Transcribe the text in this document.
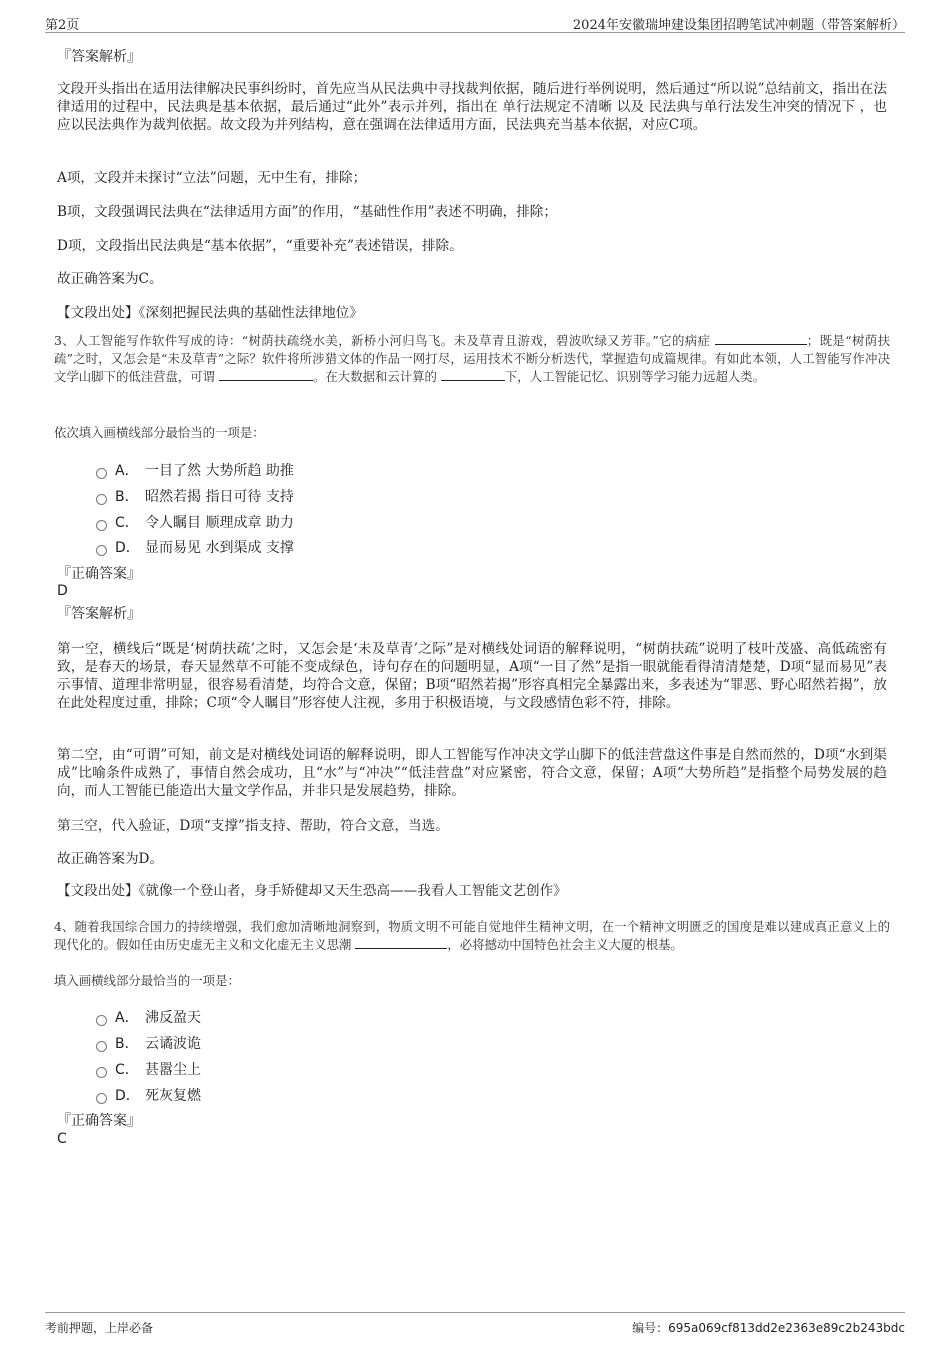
第2页	2024年安徽瑞坤建设集团招聘笔试冲刺题（带答案解析）
『答案解析』
文段开头指出在适用法律解决民事纠纷时，首先应当从民法典中寻找裁判依据，随后进行举例说明，然后通过“所以说”总结前文，指出在法律适用的过程中，民法典是基本依据，最后通过“此外”表示并列，指出在 单行法规定不清晰 以及 民法典与单行法发生冲突的情况下 ，也应以民法典作为裁判依据。故文段为并列结构，意在强调在法律适用方面，民法典充当基本依据，对应C项。
A项，文段并未探讨“立法”问题，无中生有，排除；
B项，文段强调民法典在“法律适用方面”的作用，“基础性作用”表述不明确，排除；
D项，文段指出民法典是“基本依据”，“重要补充”表述错误，排除。
故正确答案为C。
【文段出处】《深刻把握民法典的基础性法律地位》
3、人工智能写作软件写成的诗：“树荫扶疏绕水美，新桥小河归鸟飞。未及草青且游戏，碧波吹绿又芳菲。”它的病症	；既是“树荫扶疏”之时，又怎会是“未及草青”之际？软件将所涉猎文体的作品一网打尽，运用技术不断分析迭代，掌握造句成篇规律。有如此本领，人工智能写作冲决文学山脚下的低洼营盘，可谓	。在大数据和云计算的	下，人工智能记忆、识别等学习能力远超人类。
依次填入画横线部分最恰当的一项是：
A． 一目了然 大势所趋 助推
B． 昭然若揭 指日可待 支持
C． 令人瞩目 顺理成章 助力
D． 显而易见 水到渠成 支撑
『正确答案』
D
『答案解析』
第一空，横线后“既是‘树荫扶疏’之时，又怎会是‘未及草青’之际”是对横线处词语的解释说明，“树荫扶疏”说明了枝叶茂盛、高低疏密有致，是春天的场景，春天显然草不可能不变成绿色，诗句存在的问题明显，A项“一目了然”是指一眼就能看得清清楚楚，D项“显而易见”表示事情、道理非常明显，很容易看清楚，均符合文意，保留；B项“昭然若揭”形容真相完全暴露出来，多表述为“罪恶、野心昭然若揭”，放在此处程度过重，排除；C项“令人瞩目”形容使人注视，多用于积极语境，与文段感情色彩不符，排除。
第二空，由“可谓”可知，前文是对横线处词语的解释说明，即人工智能写作冲决文学山脚下的低洼营盘这件事是自然而然的，D项“水到渠成”比喻条件成熟了，事情自然会成功，且“水”与“冲决”“低洼营盘”对应紧密，符合文意，保留；A项“大势所趋”是指整个局势发展的趋向，而人工智能已能造出大量文学作品，并非只是发展趋势，排除。
第三空，代入验证，D项“支撑”指支持、帮助，符合文意，当选。
故正确答案为D。
【文段出处】《就像一个登山者，身手矫健却又天生恐高——我看人工智能文艺创作》
4、随着我国综合国力的持续增强，我们愈加清晰地洞察到，物质文明不可能自觉地伴生精神文明，在一个精神文明匮乏的国度是难以建成真正意义上的现代化的。假如任由历史虚无主义和文化虚无主义思潮	，必将撼动中国特色社会主义大厦的根基。
填入画横线部分最恰当的一项是：
A． 沸反盈天
B． 云谲波诡
C． 甚嚣尘上
D． 死灰复燃
『正确答案』
C
考前押题，上岸必备	编号：695a069cf813dd2e2363e89c2b243bdc
